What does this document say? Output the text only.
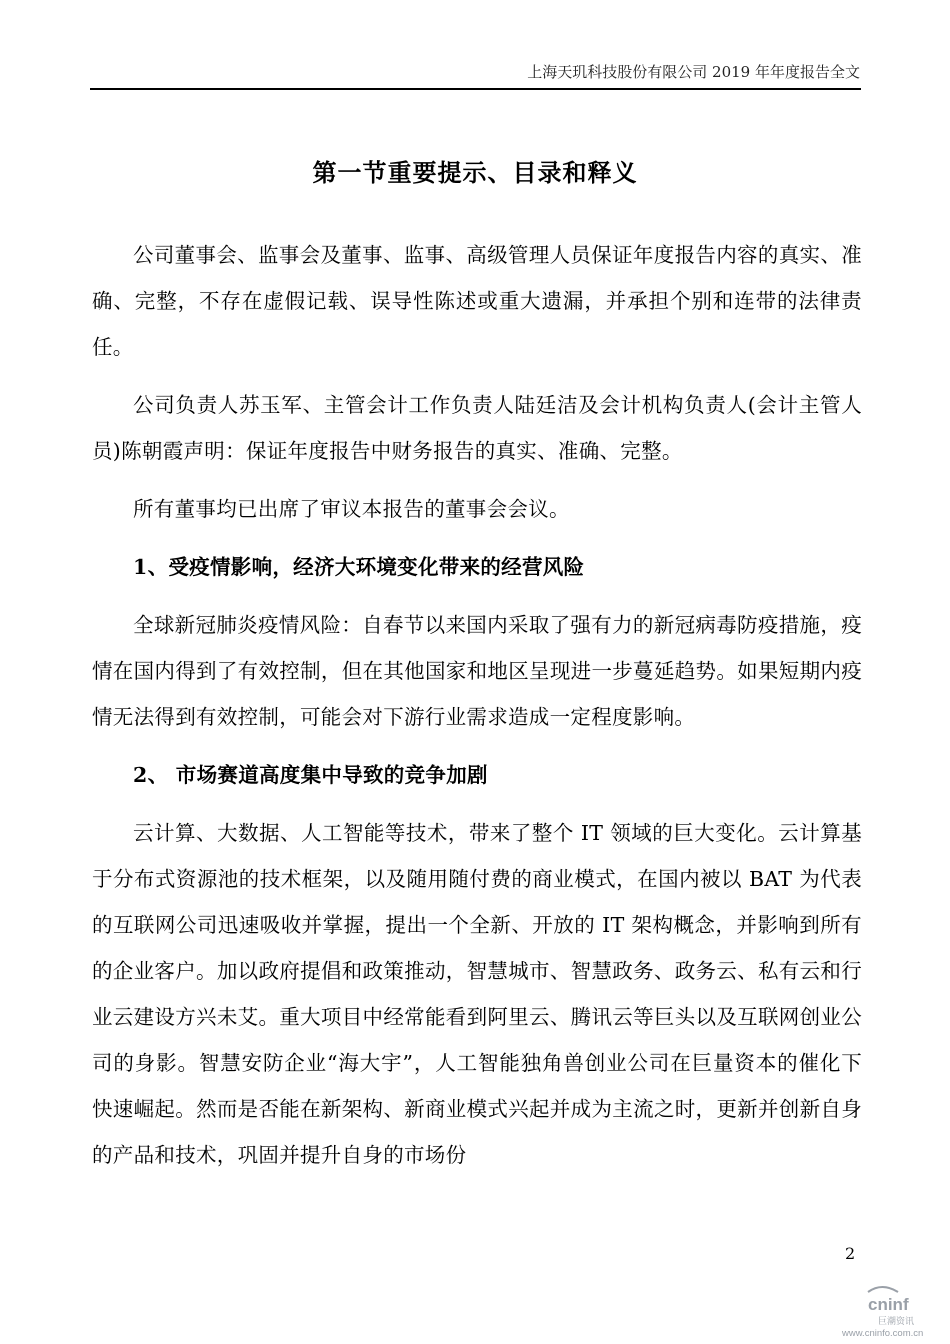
上海天玑科技股份有限公司 2019 年年度报告全文
第一节重要提示、目录和释义

公司董事会、监事会及董事、监事、高级管理人员保证年度报告内容的真实、准确、完整，不存在虚假记载、误导性陈述或重大遗漏，并承担个别和连带的法律责任。

公司负责人苏玉军、主管会计工作负责人陆廷洁及会计机构负责人(会计主管人员)陈朝霞声明：保证年度报告中财务报告的真实、准确、完整。

所有董事均已出席了审议本报告的董事会会议。

1、受疫情影响，经济大环境变化带来的经营风险

全球新冠肺炎疫情风险：自春节以来国内采取了强有力的新冠病毒防疫措施，疫情在国内得到了有效控制，但在其他国家和地区呈现进一步蔓延趋势。如果短期内疫情无法得到有效控制，可能会对下游行业需求造成一定程度影响。

2、 市场赛道高度集中导致的竞争加剧

云计算、大数据、人工智能等技术，带来了整个 IT 领域的巨大变化。云计算基于分布式资源池的技术框架，以及随用随付费的商业模式，在国内被以 BAT 为代表的互联网公司迅速吸收并掌握，提出一个全新、开放的 IT 架构概念，并影响到所有的企业客户。加以政府提倡和政策推动，智慧城市、智慧政务、政务云、私有云和行业云建设方兴未艾。重大项目中经常能看到阿里云、腾讯云等巨头以及互联网创业公司的身影。智慧安防企业“海大宇”，人工智能独角兽创业公司在巨量资本的催化下快速崛起。然而是否能在新架构、新商业模式兴起并成为主流之时，更新并创新自身的产品和技术，巩固并提升自身的市场份

2
cninf
巨潮资讯
www.cninfo.com.cn
